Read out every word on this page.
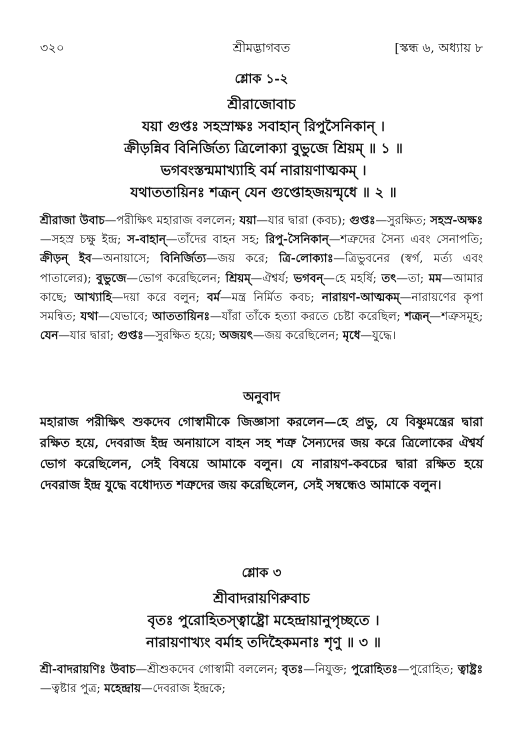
৩২০	শ্রীমদ্ভাগবত	[স্কন্ধ ৬, অধ্যায় ৮
শ্লোক ১-২
শ্রীরাজোবাচ
যয়া গুপ্তঃ সহস্রাক্ষঃ সবাহান্ রিপুসৈনিকান্ ।
ক্রীড়ন্নিব বিনির্জিত্য ত্রিলোক্যা বুভুজে শ্রিয়ম্ ॥ ১ ॥
ভগবংস্তন্মমাখ্যাহি বর্ম নারায়ণাত্মকম্ ।
যথাততায়িনঃ শত্রূন্ যেন গুপ্তোহজয়ন্মৃধে ॥ ২ ॥
শ্রীরাজা উবাচ—পরীক্ষিৎ মহারাজ বললেন; যয়া—যার দ্বারা (কবচ); গুপ্তঃ—সুরক্ষিত; সহস্র-অক্ষঃ—সহস্র চক্ষু ইন্দ্র; স-বাহান্—তাঁদের বাহন সহ; রিপু-সৈনিকান্—শত্রুদের সৈন্য এবং সেনাপতি; ক্রীড়ন্ ইব—অনায়াসে; বিনির্জিত্য—জয় করে; ত্রি-লোক্যাঃ—ত্রিভুবনের (স্বর্গ, মর্ত্য এবং পাতালের); বুভুজে—ভোগ করেছিলেন; শ্রিয়ম্—ঐশ্বর্য; ভগবন্—হে মহর্ষি; তৎ—তা; মম—আমার কাছে; আখ্যাহি—দয়া করে বলুন; বর্ম—মন্ত্র নির্মিত কবচ; নারায়ণ-আত্মকম্—নারায়ণের কৃপা সমন্বিত; যথা—যেভাবে; আততায়িনঃ—যাঁরা তাঁকে হত্যা করতে চেষ্টা করেছিল; শত্রূন্—শত্রুসমূহ; যেন—যার দ্বারা; গুপ্তঃ—সুরক্ষিত হয়ে; অজয়ৎ—জয় করেছিলেন; মৃধে—যুদ্ধে।
অনুবাদ
মহারাজ পরীক্ষিৎ শুকদেব গোস্বামীকে জিজ্ঞাসা করলেন—হে প্রভু, যে বিষ্ণুমন্ত্রের দ্বারা রক্ষিত হয়ে, দেবরাজ ইন্দ্র অনায়াসে বাহন সহ শত্রু সৈন্যদের জয় করে ত্রিলোকের ঐশ্বর্য ভোগ করেছিলেন, সেই বিষয়ে আমাকে বলুন। যে নারায়ণ-কবচের দ্বারা রক্ষিত হয়ে দেবরাজ ইন্দ্র যুদ্ধে বধোদ্যত শত্রুদের জয় করেছিলেন, সেই সম্বন্ধেও আমাকে বলুন।
শ্লোক ৩
শ্রীবাদরায়ণিরুবাচ
বৃতঃ পুরোহিতস্ত্বাষ্ট্রো মহেন্দ্রায়ানুপৃচ্ছতে ।
নারায়ণাখ্যং বর্মাহ তদিহৈকমনাঃ শৃণু ॥ ৩ ॥
শ্রী-বাদরায়ণিঃ উবাচ—শ্রীশুকদেব গোস্বামী বললেন; বৃতঃ—নিযুক্ত; পুরোহিতঃ—পুরোহিত; ত্বাষ্ট্রঃ—ত্বষ্টার পুত্র; মহেন্দ্রায়—দেবরাজ ইন্দ্রকে;
